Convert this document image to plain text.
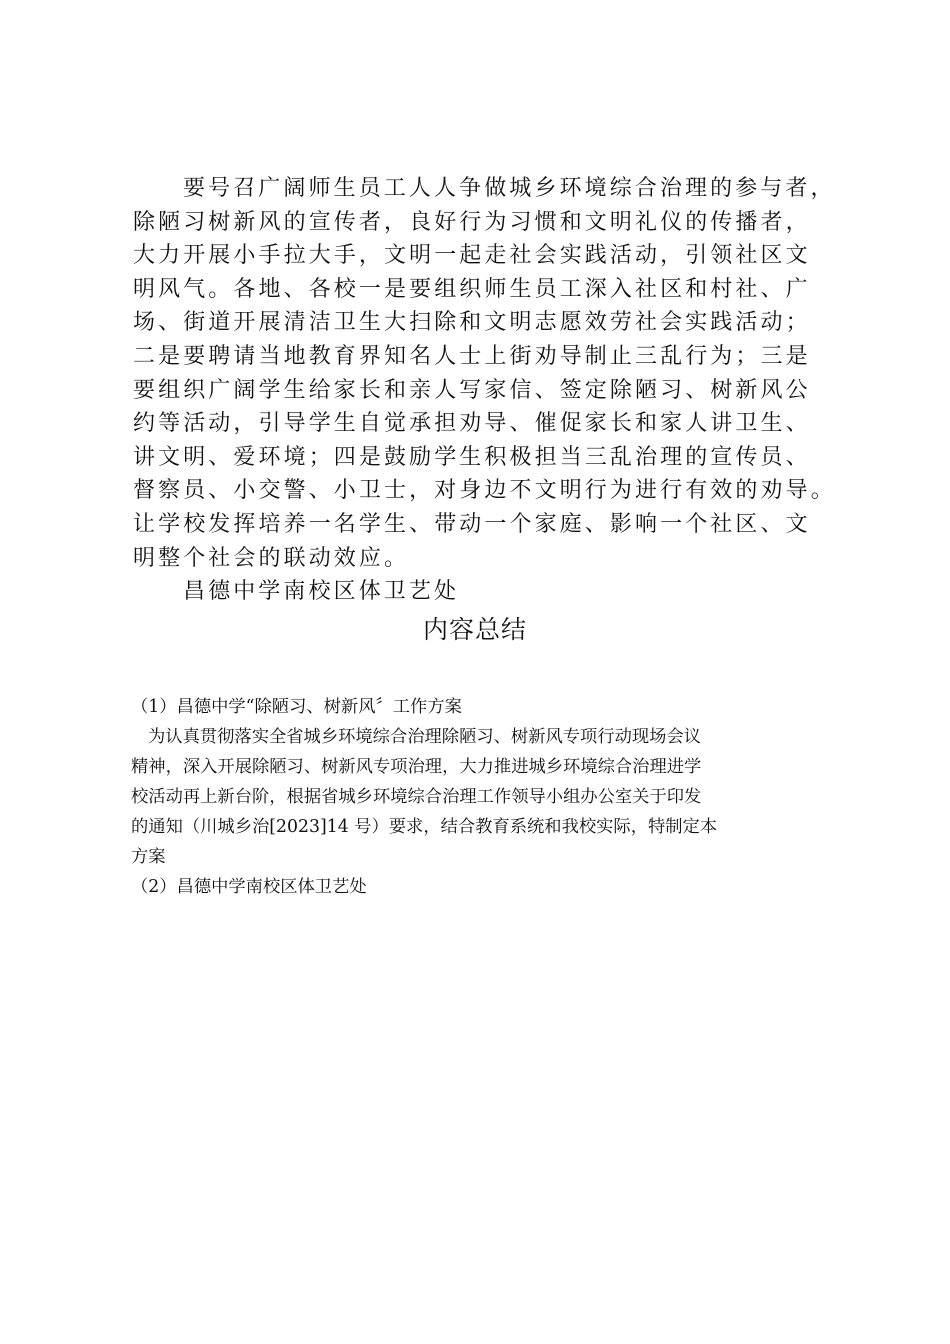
要号召广阔师生员工人人争做城乡环境综合治理的参与者，
除陋习树新风的宣传者，良好行为习惯和文明礼仪的传播者，
大力开展小手拉大手，文明一起走社会实践活动，引领社区文
明风气。各地、各校一是要组织师生员工深入社区和村社、广
场、街道开展清洁卫生大扫除和文明志愿效劳社会实践活动；
二是要聘请当地教育界知名人士上街劝导制止三乱行为；三是
要组织广阔学生给家长和亲人写家信、签定除陋习、树新风公
约等活动，引导学生自觉承担劝导、催促家长和家人讲卫生、
讲文明、爱环境；四是鼓励学生积极担当三乱治理的宣传员、
督察员、小交警、小卫士，对身边不文明行为进行有效的劝导。
让学校发挥培养一名学生、带动一个家庭、影响一个社区、文
明整个社会的联动效应。
昌德中学南校区体卫艺处
内容总结
（1）昌德中学“除陋习、树新风〞工作方案
为认真贯彻落实全省城乡环境综合治理除陋习、树新风专项行动现场会议
精神，深入开展除陋习、树新风专项治理，大力推进城乡环境综合治理进学
校活动再上新台阶，根据省城乡环境综合治理工作领导小组办公室关于印发
的通知（川城乡治[2023]14 号）要求，结合教育系统和我校实际，特制定本
方案
（2）昌德中学南校区体卫艺处
